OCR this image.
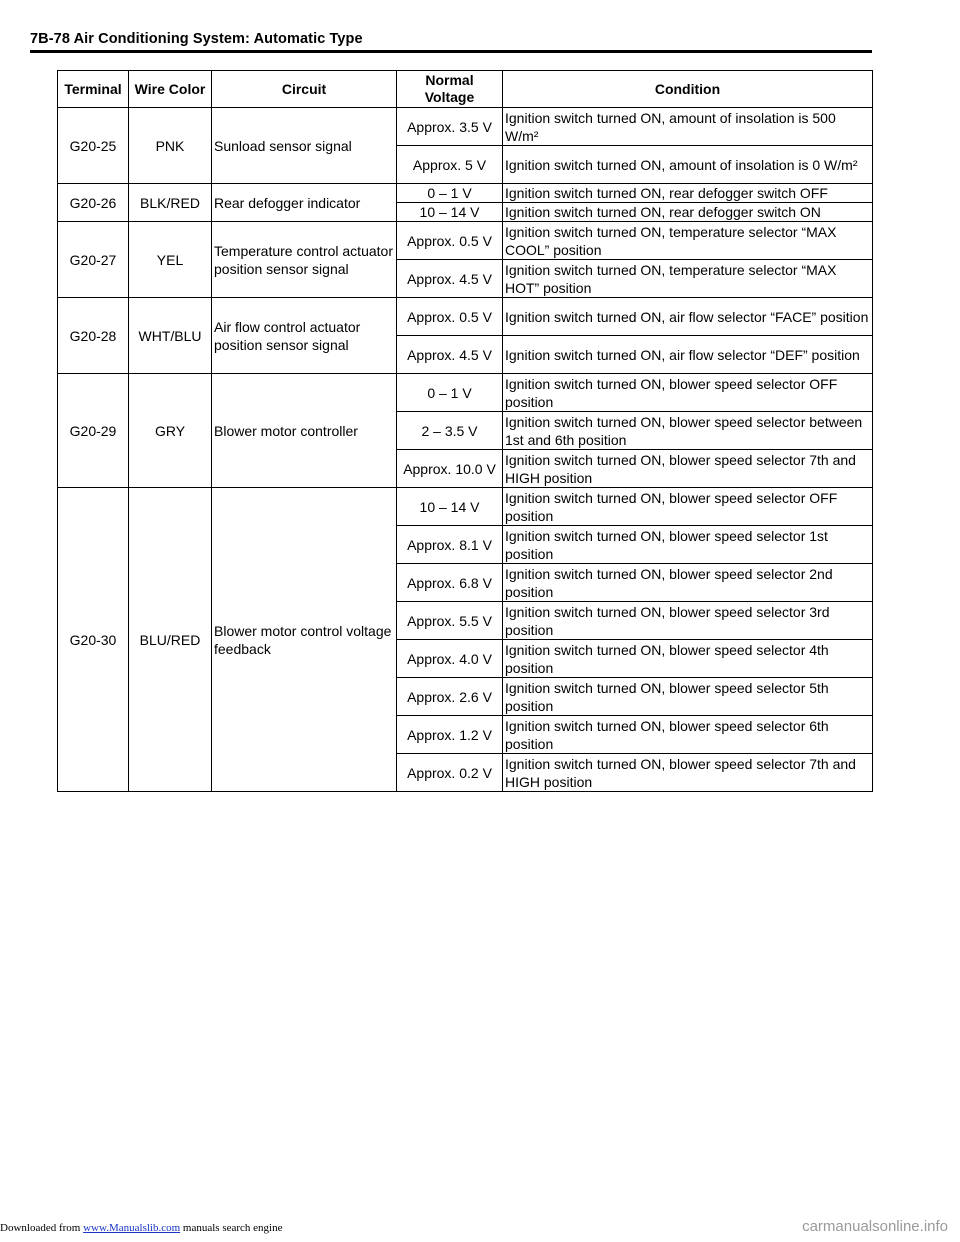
7B-78 Air Conditioning System: Automatic Type
Terminal	Wire Color	Circuit	Normal Voltage	Condition
G20-25	PNK	Sunload sensor signal	Approx. 3.5 V	Ignition switch turned ON, amount of insolation is 500 W/m²
			Approx. 5 V	Ignition switch turned ON, amount of insolation is 0 W/m²
G20-26	BLK/RED	Rear defogger indicator	0 – 1 V	Ignition switch turned ON, rear defogger switch OFF
			10 – 14 V	Ignition switch turned ON, rear defogger switch ON
G20-27	YEL	Temperature control actuator position sensor signal	Approx. 0.5 V	Ignition switch turned ON, temperature selector “MAX COOL” position
			Approx. 4.5 V	Ignition switch turned ON, temperature selector “MAX HOT” position
G20-28	WHT/BLU	Air flow control actuator position sensor signal	Approx. 0.5 V	Ignition switch turned ON, air flow selector “FACE” position
			Approx. 4.5 V	Ignition switch turned ON, air flow selector “DEF” position
G20-29	GRY	Blower motor controller	0 – 1 V	Ignition switch turned ON, blower speed selector OFF position
			2 – 3.5 V	Ignition switch turned ON, blower speed selector between 1st and 6th position
			Approx. 10.0 V	Ignition switch turned ON, blower speed selector 7th and HIGH position
G20-30	BLU/RED	Blower motor control voltage feedback	10 – 14 V	Ignition switch turned ON, blower speed selector OFF position
			Approx. 8.1 V	Ignition switch turned ON, blower speed selector 1st position
			Approx. 6.8 V	Ignition switch turned ON, blower speed selector 2nd position
			Approx. 5.5 V	Ignition switch turned ON, blower speed selector 3rd position
			Approx. 4.0 V	Ignition switch turned ON, blower speed selector 4th position
			Approx. 2.6 V	Ignition switch turned ON, blower speed selector 5th position
			Approx. 1.2 V	Ignition switch turned ON, blower speed selector 6th position
			Approx. 0.2 V	Ignition switch turned ON, blower speed selector 7th and HIGH position
Downloaded from www.Manualslib.com manuals search engine	carmanualsonline.info
